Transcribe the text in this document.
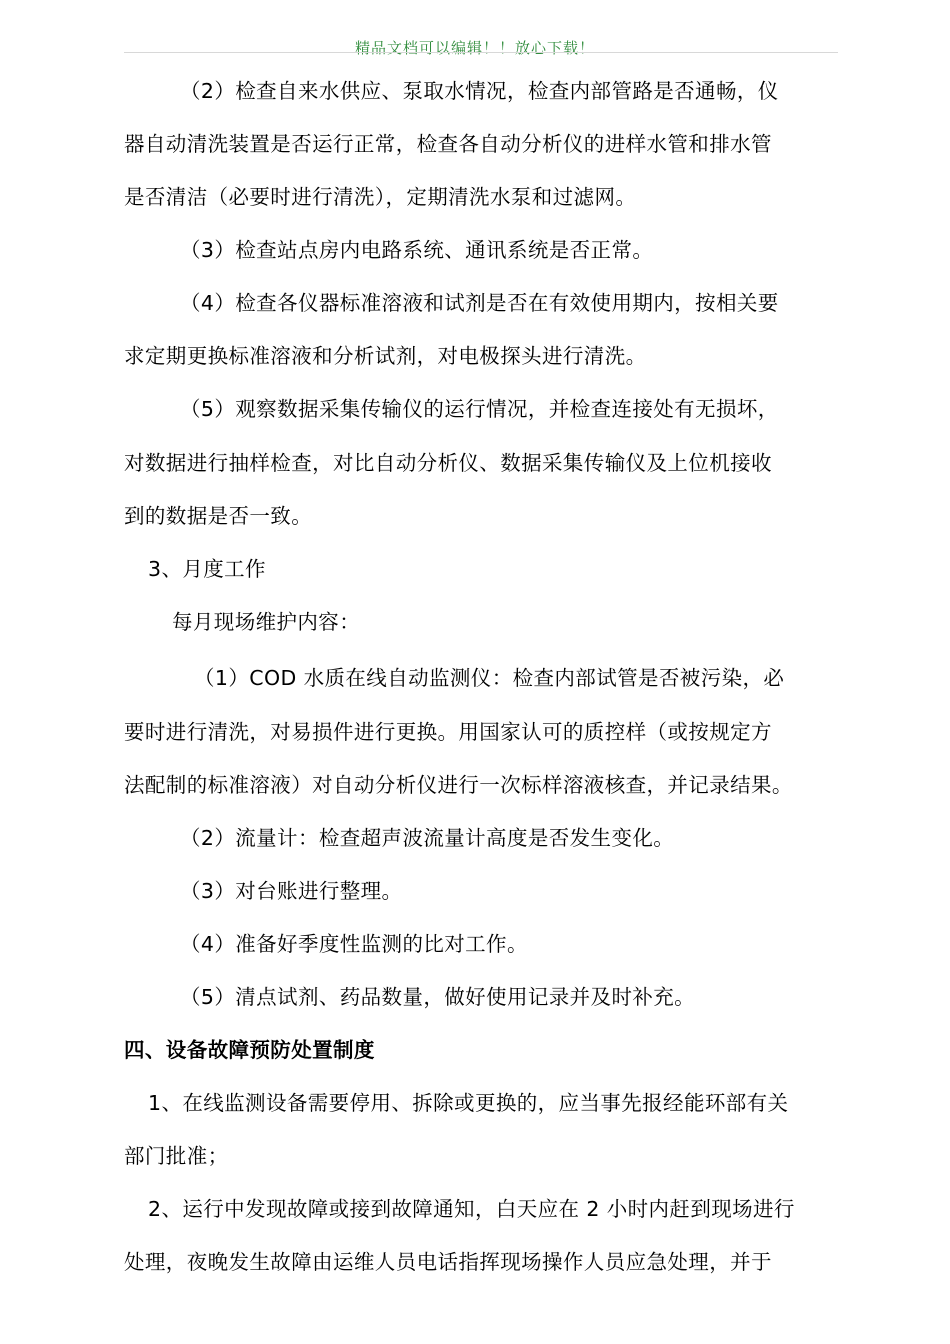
精品文档可以编辑！！放心下载！
（2）检查自来水供应、泵取水情况，检查内部管路是否通畅，仪
器自动清洗装置是否运行正常，检查各自动分析仪的进样水管和排水管
是否清洁（必要时进行清洗），定期清洗水泵和过滤网。
（3）检查站点房内电路系统、通讯系统是否正常。
（4）检查各仪器标准溶液和试剂是否在有效使用期内，按相关要
求定期更换标准溶液和分析试剂，对电极探头进行清洗。
（5）观察数据采集传输仪的运行情况，并检查连接处有无损坏，
对数据进行抽样检查，对比自动分析仪、数据采集传输仪及上位机接收
到的数据是否一致。
3、月度工作
每月现场维护内容：
（1）COD 水质在线自动监测仪：检查内部试管是否被污染，必
要时进行清洗，对易损件进行更换。用国家认可的质控样（或按规定方
法配制的标准溶液）对自动分析仪进行一次标样溶液核查，并记录结果。
（2）流量计：检查超声波流量计高度是否发生变化。
（3）对台账进行整理。
（4）准备好季度性监测的比对工作。
（5）清点试剂、药品数量，做好使用记录并及时补充。
四、设备故障预防处置制度
1、在线监测设备需要停用、拆除或更换的，应当事先报经能环部有关
部门批准；
2、运行中发现故障或接到故障通知，白天应在 2 小时内赶到现场进行
处理，夜晚发生故障由运维人员电话指挥现场操作人员应急处理，并于
